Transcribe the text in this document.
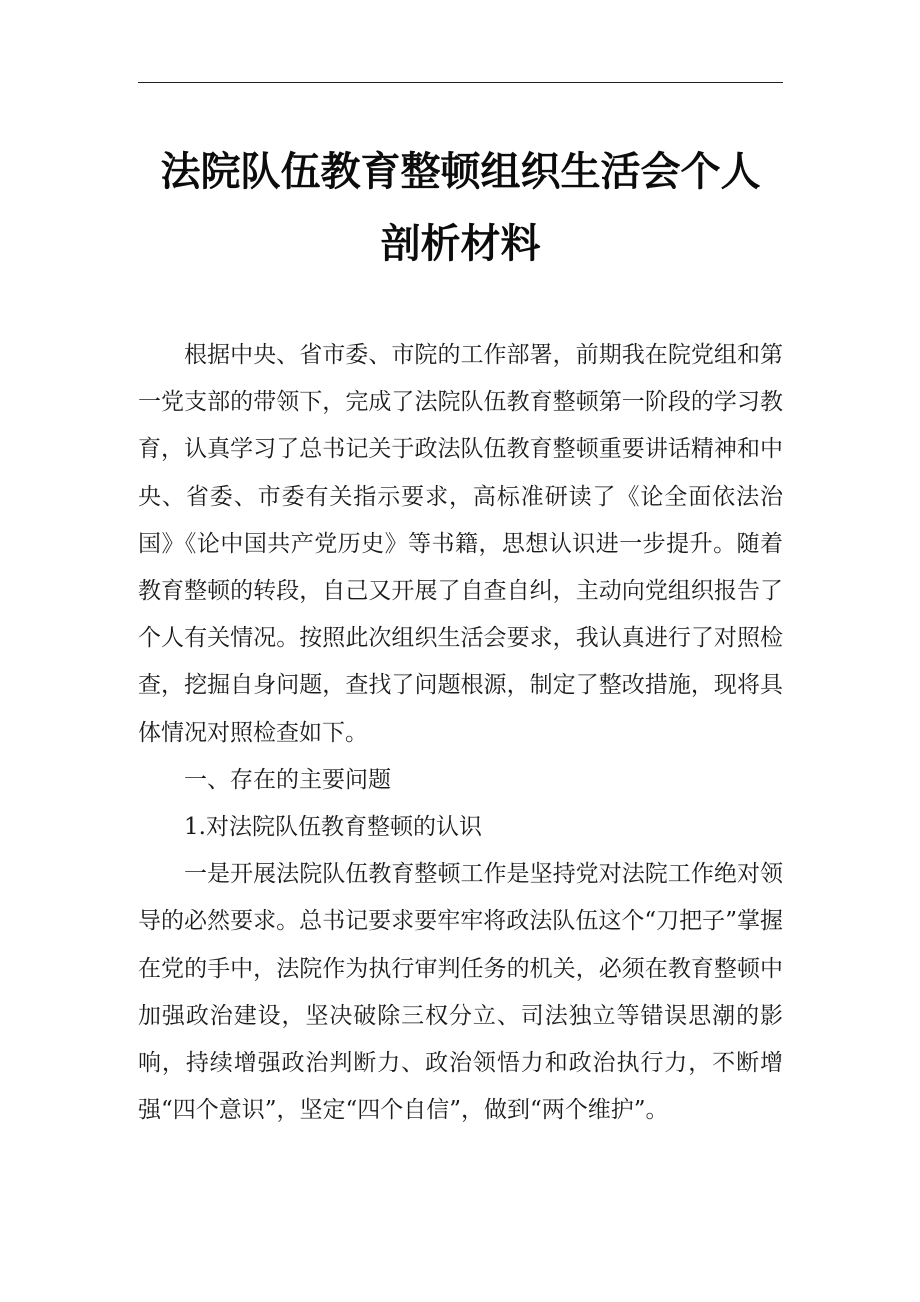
法院队伍教育整顿组织生活会个人
剖析材料

根据中央、省市委、市院的工作部署，前期我在院党组和第一党支部的带领下，完成了法院队伍教育整顿第一阶段的学习教育，认真学习了总书记关于政法队伍教育整顿重要讲话精神和中央、省委、市委有关指示要求，高标准研读了《论全面依法治国》《论中国共产党历史》等书籍，思想认识进一步提升。随着教育整顿的转段，自己又开展了自查自纠，主动向党组织报告了个人有关情况。按照此次组织生活会要求，我认真进行了对照检查，挖掘自身问题，查找了问题根源，制定了整改措施，现将具体情况对照检查如下。

一、存在的主要问题

1.对法院队伍教育整顿的认识

一是开展法院队伍教育整顿工作是坚持党对法院工作绝对领导的必然要求。总书记要求要牢牢将政法队伍这个“刀把子”掌握在党的手中，法院作为执行审判任务的机关，必须在教育整顿中加强政治建设，坚决破除三权分立、司法独立等错误思潮的影响，持续增强政治判断力、政治领悟力和政治执行力，不断增强“四个意识”，坚定“四个自信”，做到“两个维护”。
